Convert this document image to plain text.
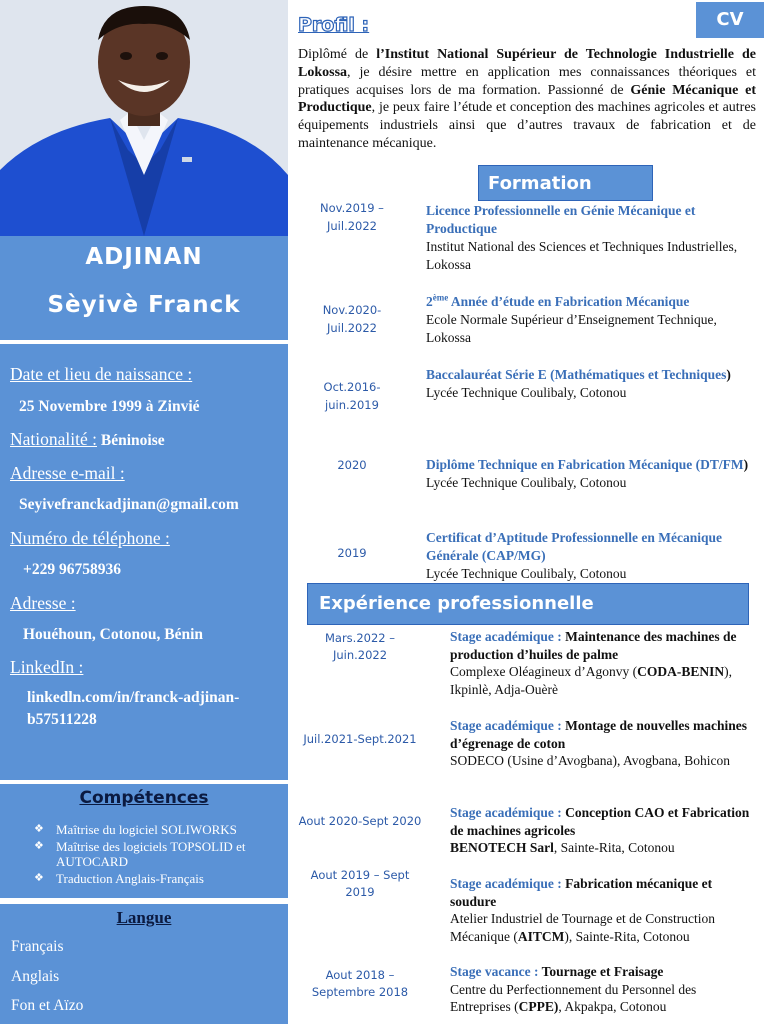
ADJINAN
Sèyivè Franck
Date et lieu de naissance :
25 Novembre 1999 à Zinvié
Nationalité : Béninoise
Adresse e-mail :
Seyivefranckadjinan@gmail.com
Numéro de téléphone :
+229 96758936
Adresse :
Houéhoun, Cotonou, Bénin
LinkedIn :
linkedln.com/in/franck-adjinan-
b57511228
Compétences
❖ Maîtrise du logiciel SOLIWORKS
❖ Maîtrise des logiciels TOPSOLID et AUTOCARD
❖ Traduction Anglais-Français
Langue
Français
Anglais
Fon et Aïzo
CV
Profil :
Diplômé de l’Institut National Supérieur de Technologie Industrielle de Lokossa, je désire mettre en application mes connaissances théoriques et pratiques acquises lors de ma formation. Passionné de Génie Mécanique et Productique, je peux faire l’étude et conception des machines agricoles et autres équipements industriels ainsi que d’autres travaux de fabrication et de maintenance mécanique.
Formation
Nov.2019 –
Juil.2022
Licence Professionnelle en Génie Mécanique et Productique
Institut National des Sciences et Techniques Industrielles, Lokossa
Nov.2020-
Juil.2022
2ème Année d’étude en Fabrication Mécanique
Ecole Normale Supérieur d’Enseignement Technique, Lokossa
Oct.2016-
juin.2019
Baccalauréat Série E (Mathématiques et Techniques)
Lycée Technique Coulibaly, Cotonou
2020	Diplôme Technique en Fabrication Mécanique (DT/FM)
Lycée Technique Coulibaly, Cotonou
2019
Certificat d’Aptitude Professionnelle en Mécanique Générale (CAP/MG)
Lycée Technique Coulibaly, Cotonou
Expérience professionnelle
Mars.2022 –
Juin.2022
Stage académique : Maintenance des machines de production d’huiles de palme
Complexe Oléagineux d’Agonvy (CODA-BENIN), Ikpinlè, Adja-Ouèrè
Juil.2021-Sept.2021
Stage académique : Montage de nouvelles machines d’égrenage de coton
SODECO (Usine d’Avogbana), Avogbana, Bohicon
Aout 2020-Sept 2020
Stage académique : Conception CAO et Fabrication de machines agricoles
BENOTECH Sarl, Sainte-Rita, Cotonou
Aout 2019 – Sept
2019
Stage académique : Fabrication mécanique et soudure
Atelier Industriel de Tournage et de Construction Mécanique (AITCM), Sainte-Rita, Cotonou
Aout 2018 –
Septembre 2018
Stage vacance : Tournage et Fraisage
Centre du Perfectionnement du Personnel des Entreprises (CPPE), Akpakpa, Cotonou
